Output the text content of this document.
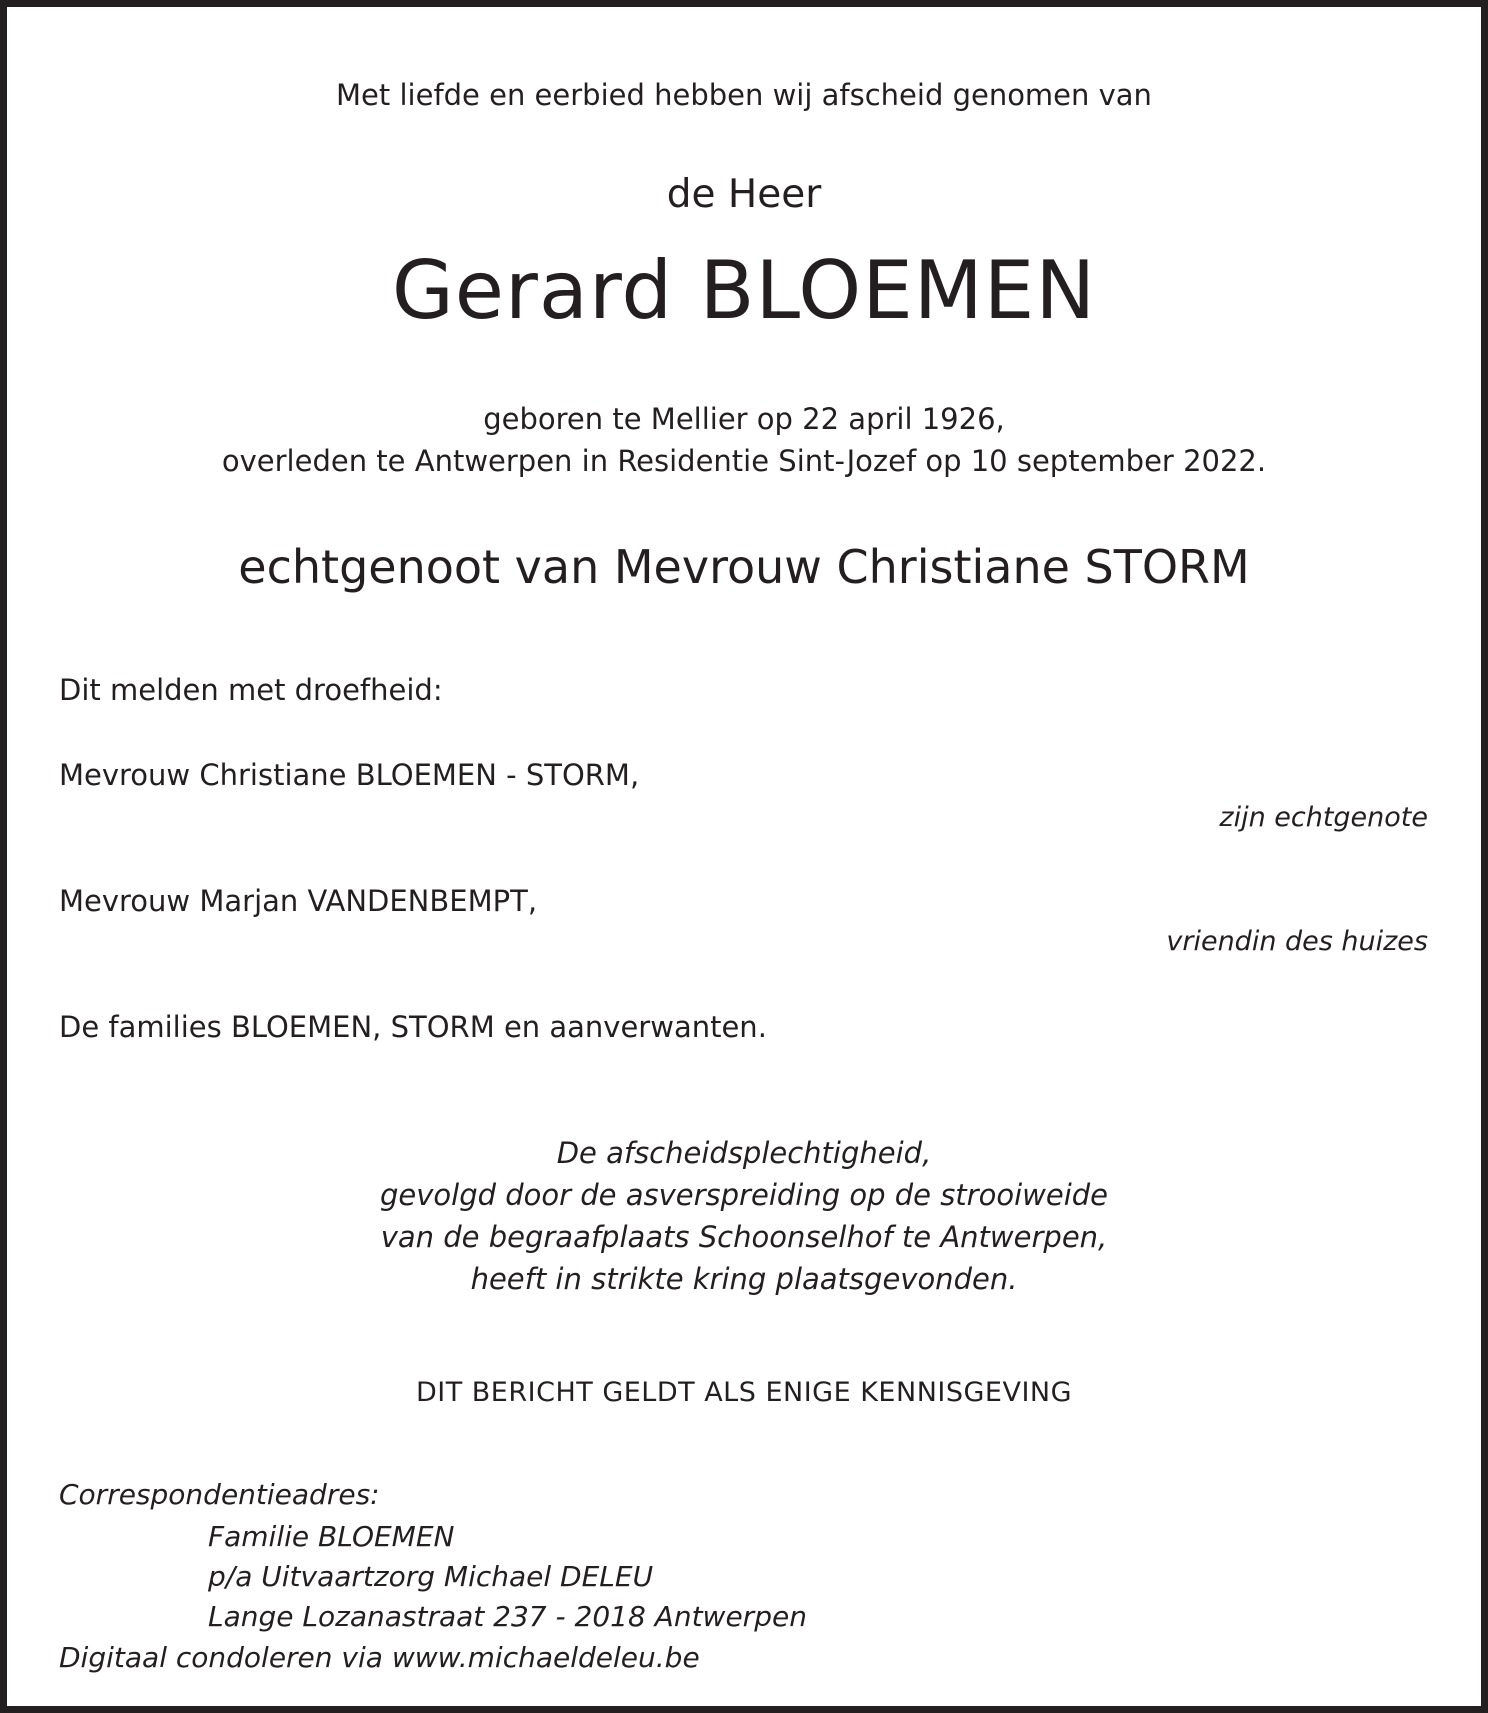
Met liefde en eerbied hebben wij afscheid genomen van
de Heer
Gerard BLOEMEN
geboren te Mellier op 22 april 1926,
overleden te Antwerpen in Residentie Sint-Jozef op 10 september 2022.
echtgenoot van Mevrouw Christiane STORM
Dit melden met droefheid:
Mevrouw Christiane BLOEMEN - STORM,
zijn echtgenote
Mevrouw Marjan VANDENBEMPT,
vriendin des huizes
De families BLOEMEN, STORM en aanverwanten.
De afscheidsplechtigheid,
gevolgd door de asverspreiding op de strooiweide
van de begraafplaats Schoonselhof te Antwerpen,
heeft in strikte kring plaatsgevonden.
DIT BERICHT GELDT ALS ENIGE KENNISGEVING
Correspondentieadres:
Familie BLOEMEN
p/a Uitvaartzorg Michael DELEU
Lange Lozanastraat 237 - 2018 Antwerpen
Digitaal condoleren via www.michaeldeleu.be
